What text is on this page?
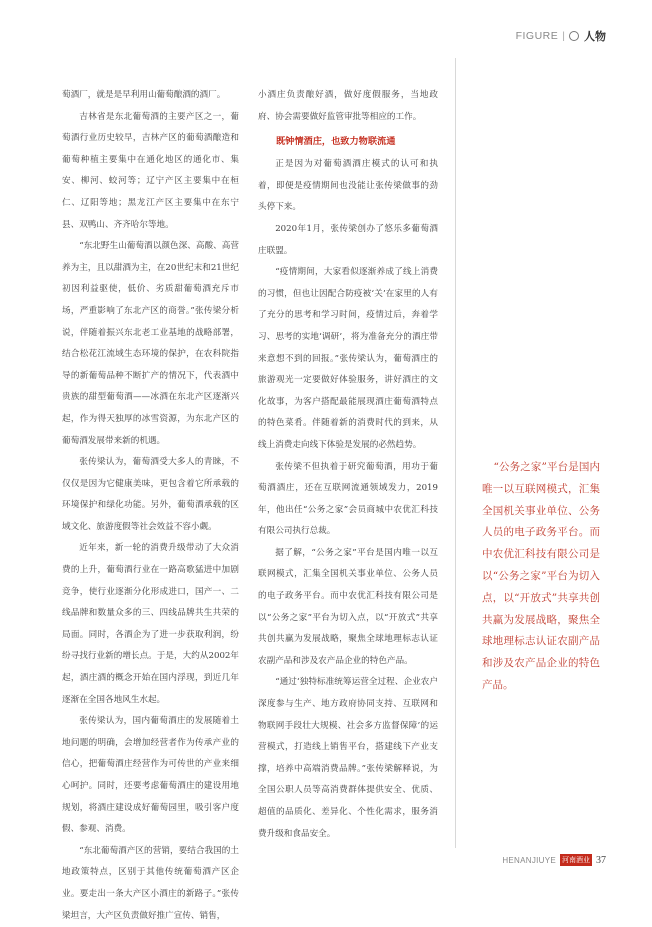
FIGURE | 人物

萄酒厂，就是是早利用山葡萄酿酒的酒厂。

吉林省是东北葡萄酒的主要产区之一，葡萄酒行业历史较早，吉林产区的葡萄酒酿造和葡萄种植主要集中在通化地区的通化市、集安、柳河、蛟河等；辽宁产区主要集中在桓仁、辽阳等地；黑龙江产区主要集中在东宁县、双鸭山、齐齐哈尔等地。

“东北野生山葡萄酒以颜色深、高酸、高营养为主，且以甜酒为主，在20世纪末和21世纪初因利益驱使，低价、劣质甜葡萄酒充斥市场，严重影响了东北产区的商誉。”张传梁分析说，伴随着振兴东北老工业基地的战略部署，结合松花江流域生态环境的保护，在农科院指导的新葡萄品种不断扩产的情况下，代表酒中贵族的甜型葡萄酒——冰酒在东北产区逐渐兴起，作为得天独厚的冰雪资源，为东北产区的葡萄酒发展带来新的机遇。

张传梁认为，葡萄酒受大多人的青睐，不仅仅是因为它健康美味，更包含着它所承载的环境保护和绿化功能。另外，葡萄酒承载的区域文化、旅游度假等社会效益不容小觑。

近年来，新一轮的消费升级带动了大众消费的上升，葡萄酒行业在一路高歌猛进中加剧竞争，使行业逐渐分化形成进口，国产一、二线品牌和数量众多的三、四线品牌共生共荣的局面。同时，各酒企为了进一步获取利润，纷纷寻找行业新的增长点。于是，大约从2002年起，酒庄酒的概念开始在国内浮现，到近几年逐渐在全国各地风生水起。

张传梁认为，国内葡萄酒庄的发展随着土地问题的明确，会增加经营者作为传承产业的信心，把葡萄酒庄经营作为可传世的产业来细心呵护。同时，还要考虑葡萄酒庄的建设用地规划，将酒庄建设成好葡萄园里，吸引客户度假、参观、消费。

“东北葡萄酒产区的营销，要结合我国的土地政策特点，区别于其他传统葡萄酒产区企业。要走出一条大产区小酒庄的新路子。”张传梁坦言，大产区负责做好推广宣传、销售，

小酒庄负责酿好酒，做好度假服务，当地政府、协会需要做好监管审批等相应的工作。

既钟情酒庄，也致力物联流通

正是因为对葡萄酒酒庄模式的认可和执着，即便是疫情期间也没能让张传梁做事的劲头停下来。

2020年1月，张传梁创办了悠乐多葡萄酒庄联盟。

“疫情期间，大家看似逐渐养成了线上消费的习惯，但也让因配合防疫被‘关’在家里的人有了充分的思考和学习时间，疫情过后，奔着学习、思考的实地‘调研’，将为准备充分的酒庄带来意想不到的回报。”张传梁认为，葡萄酒庄的旅游观光一定要做好体验服务，讲好酒庄的文化故事，为客户搭配最能展现酒庄葡萄酒特点的特色菜肴。伴随着新的消费时代的到来，从线上消费走向线下体验是发展的必然趋势。

张传梁不但执着于研究葡萄酒，用功于葡萄酒酒庄，还在互联网流通领域发力，2019年，他出任“公务之家”会员商城中农优汇科技有限公司执行总裁。

据了解，“公务之家”平台是国内唯一以互联网模式，汇集全国机关事业单位、公务人员的电子政务平台。而中农优汇科技有限公司是以“公务之家”平台为切入点，以“开放式”共享共创共赢为发展战略，聚焦全球地理标志认证农副产品和涉及农产品企业的特色产品。

“通过‘独特标准统筹运营全过程、企业农户深度参与生产、地方政府协同支持、互联网和物联网手段壮大规模、社会多方监督保障’的运营模式，打造线上销售平台，搭建线下产业支撑，培养中高端消费品牌。”张传梁解释说，为全国公职人员等高消费群体提供安全、优质、超值的品质化、差异化、个性化需求，服务消费升级和食品安全。

“公务之家”平台是国内唯一以互联网模式，汇集全国机关事业单位、公务人员的电子政务平台。而中农优汇科技有限公司是以“公务之家”平台为切入点，以“开放式”共享共创共赢为发展战略，聚焦全球地理标志认证农副产品和涉及农产品企业的特色产品。

HENANJIUYE 河南酒业 37
